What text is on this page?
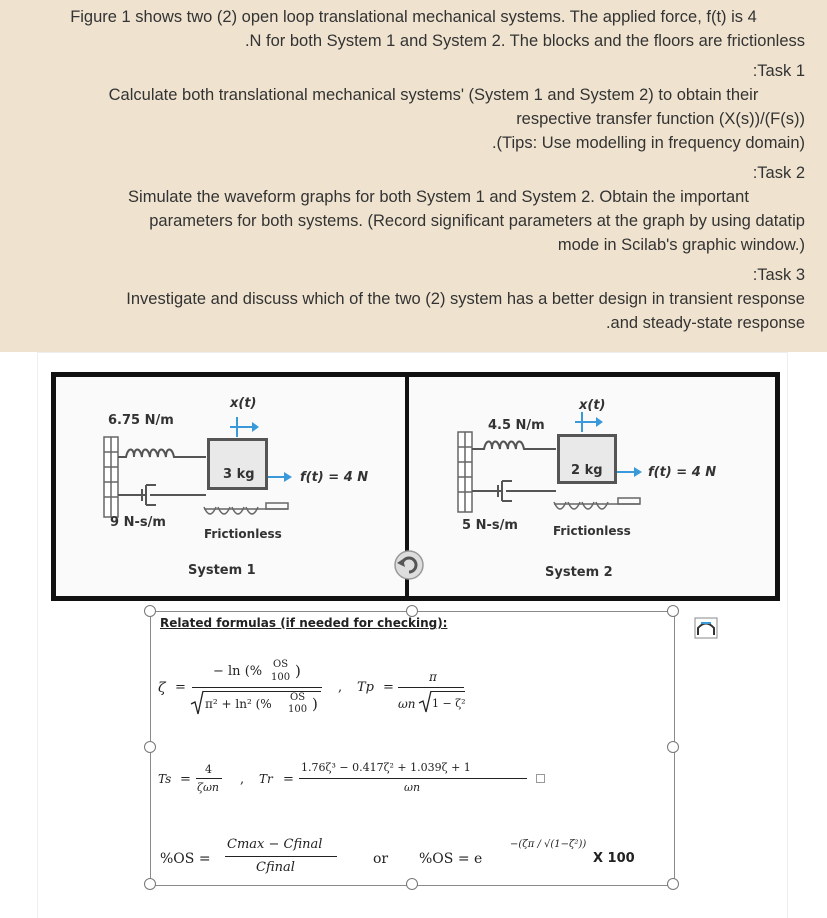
Figure 1 shows two (2) open loop translational mechanical systems. The applied force, f(t) is 4
.N for both System 1 and System 2. The blocks and the floors are frictionless
:Task 1
Calculate both translational mechanical systems' (System 1 and System 2) to obtain their
respective transfer function (X(s))/(F(s))
.(Tips: Use modelling in frequency domain)
:Task 2
Simulate the waveform graphs for both System 1 and System 2. Obtain the important
parameters for both systems. (Record significant parameters at the graph by using datatip
mode in Scilab's graphic window.)
:Task 3
Investigate and discuss which of the two (2) system has a better design in transient response
.and steady-state response
6.75 N/m
9 N-s/m
3 kg
x(t)
f(t) = 4 N
Frictionless
System 1
4.5 N/m
5 N-s/m
2 kg
x(t)
f(t) = 4 N
Frictionless
System 2
Related formulas (if needed for checking):
ζ =
− ln (% OS
100 )
π² + ln² (% OS
100 )
, Tp =
π
ωn 1 − ζ²
Ts =
4
ζωn
, Tr =
1.76ζ³ − 0.417ζ² + 1.039ζ + 1
ωn
%OS =
Cmax − Cfinal
Cfinal
or %OS = e
−(ζπ / √(1−ζ²))
X 100
